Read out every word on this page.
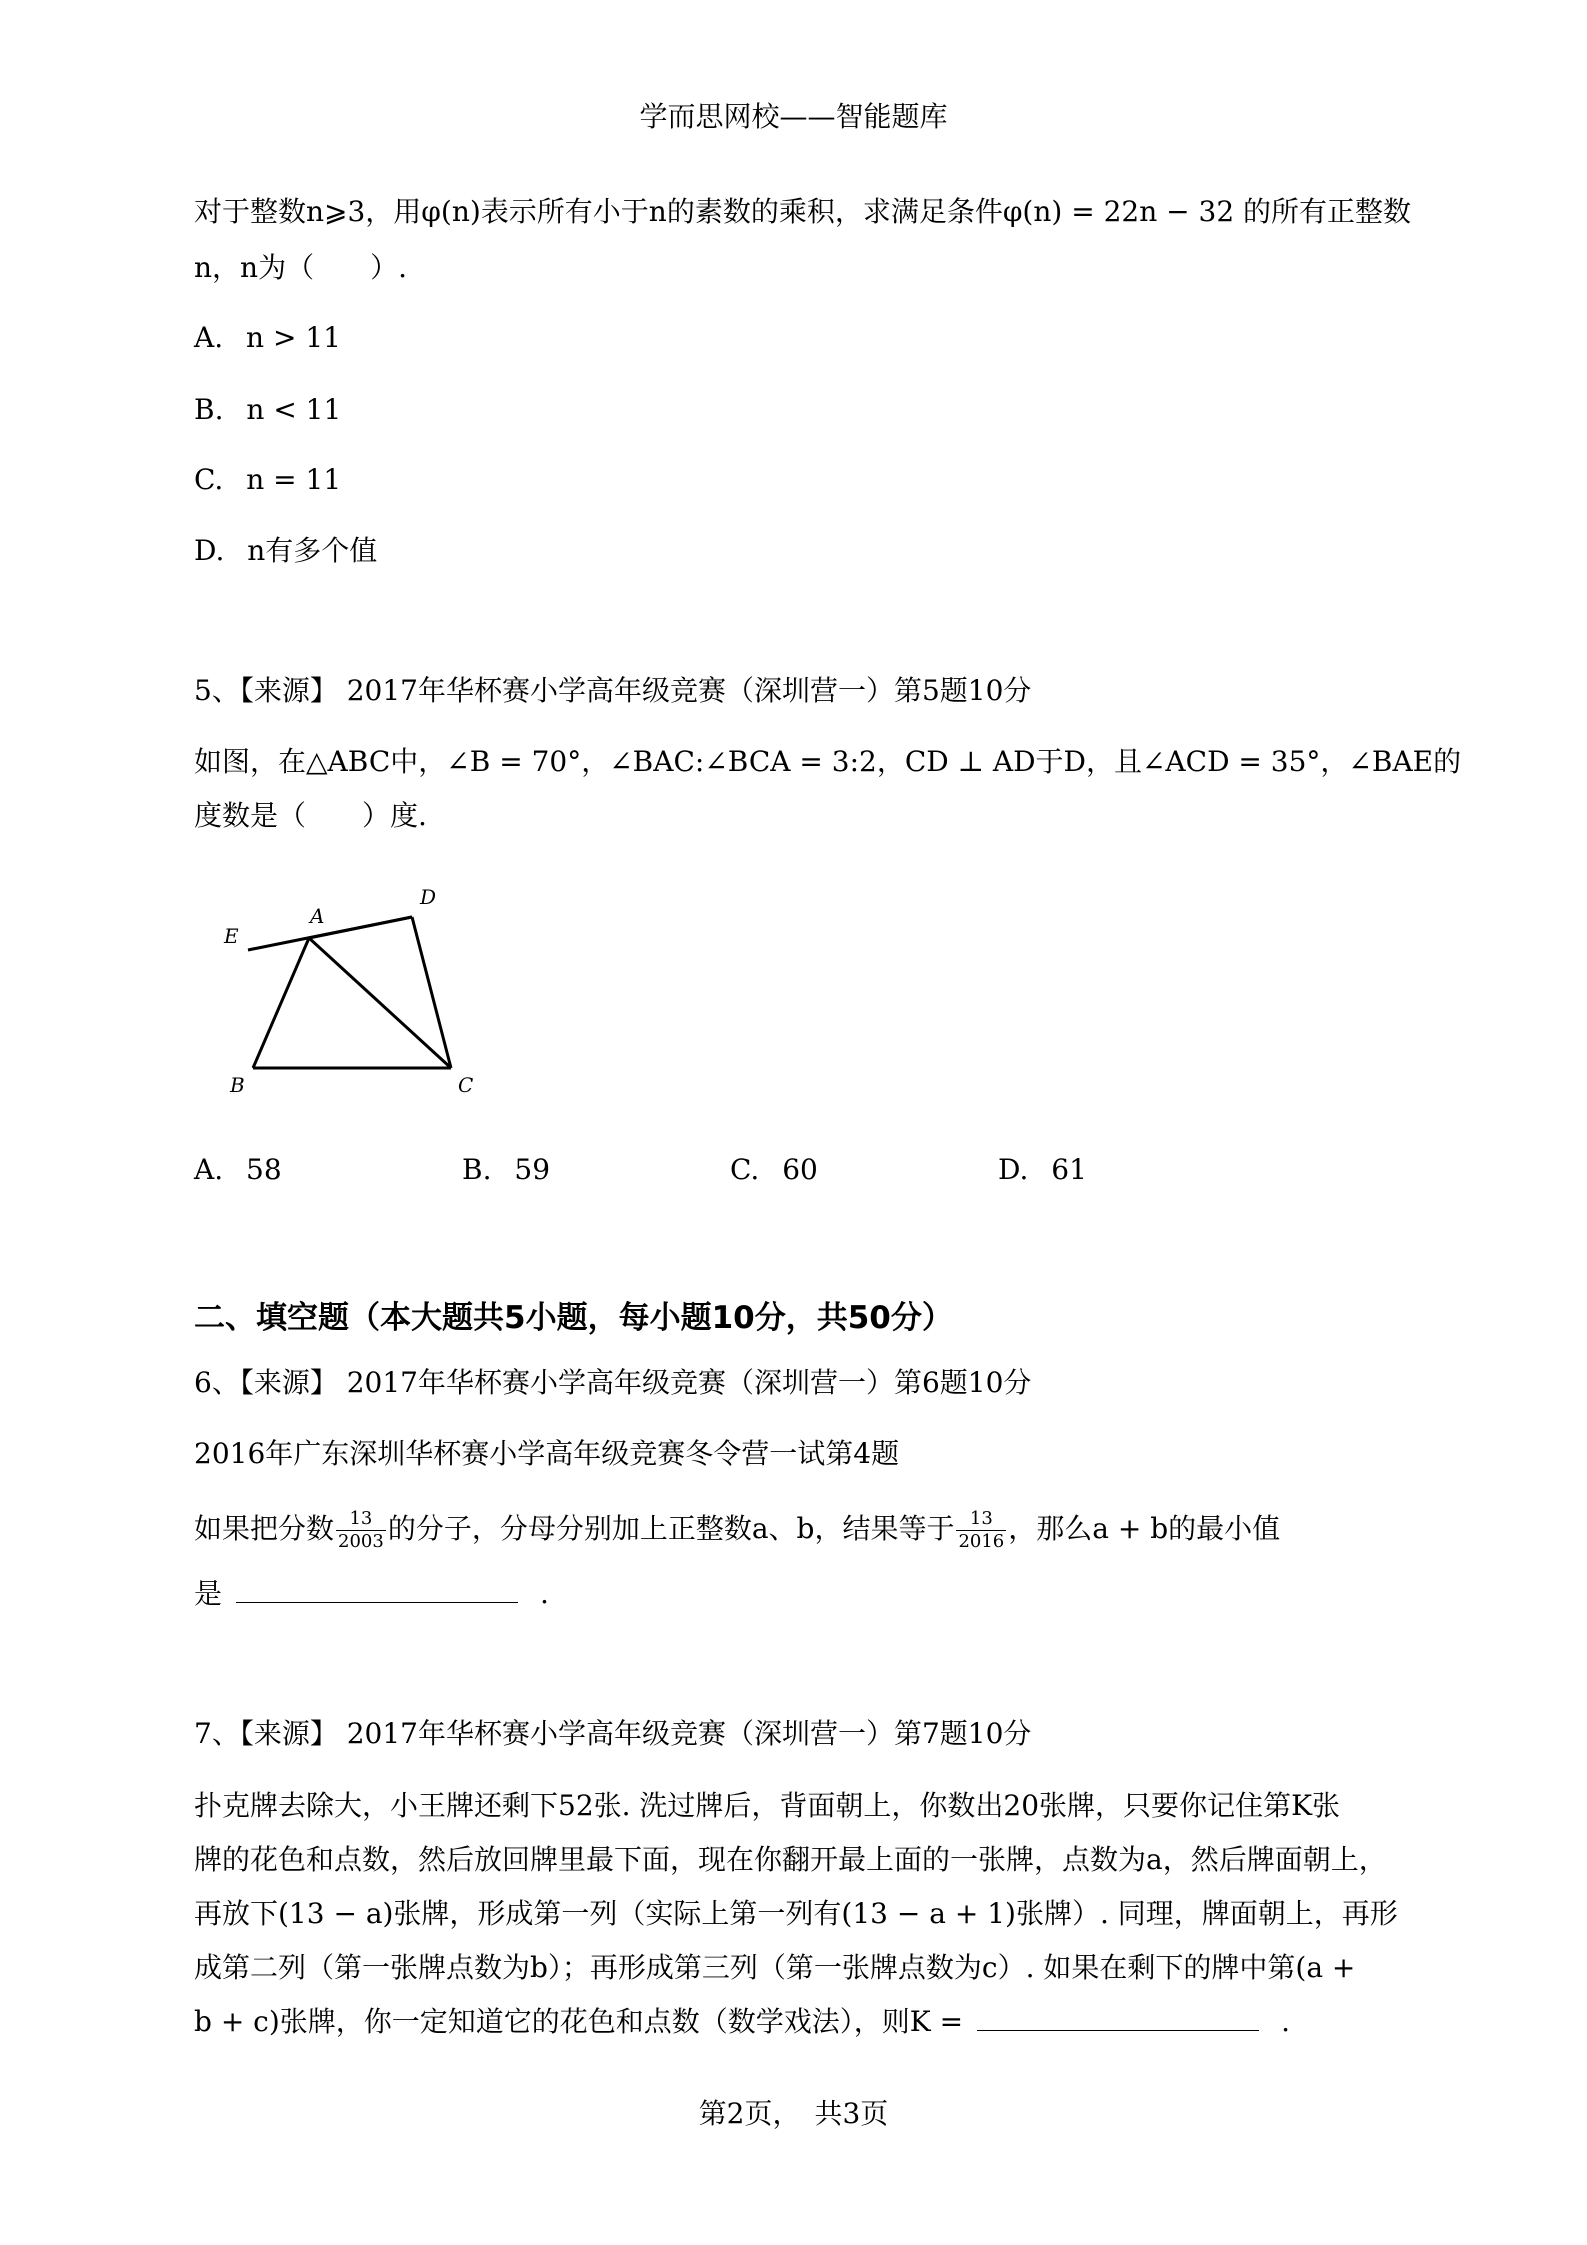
学而思网校——智能题库
对于整数n⩾3，用φ(n)表示所有小于n的素数的乘积，求满足条件φ(n) = 22n − 32 的所有正整数
n，n为（　　）.
A. n > 11
B. n < 11
C. n = 11
D. n有多个值
5、【来源】 2017年华杯赛小学高年级竞赛（深圳营一）第5题10分
如图，在△ABC中，∠B = 70°，∠BAC:∠BCA = 3:2，CD ⊥ AD于D，且∠ACD = 35°，∠BAE的
度数是（　　）度.
E
A
D
B	C
A. 58	B. 59	C. 60	D. 61
二、填空题（本大题共5小题，每小题10分，共50分）
6、【来源】 2017年华杯赛小学高年级竞赛（深圳营一）第6题10分
2016年广东深圳华杯赛小学高年级竞赛冬令营一试第4题
如果把分数 $\frac{13}{2003}$ 的分子，分母分别加上正整数a、b，结果等于 $\frac{13}{2016}$ ，那么a + b的最小值
是	.
7、【来源】 2017年华杯赛小学高年级竞赛（深圳营一）第7题10分
扑克牌去除大，小王牌还剩下52张. 洗过牌后，背面朝上，你数出20张牌，只要你记住第K张
牌的花色和点数，然后放回牌里最下面，现在你翻开最上面的一张牌，点数为a，然后牌面朝上，
再放下(13 − a)张牌，形成第一列（实际上第一列有(13 − a + 1)张牌）. 同理，牌面朝上，再形
成第二列（第一张牌点数为b）；再形成第三列（第一张牌点数为c）. 如果在剩下的牌中第(a +
b + c)张牌，你一定知道它的花色和点数（数学戏法），则K =	.
第2页，　共3页
